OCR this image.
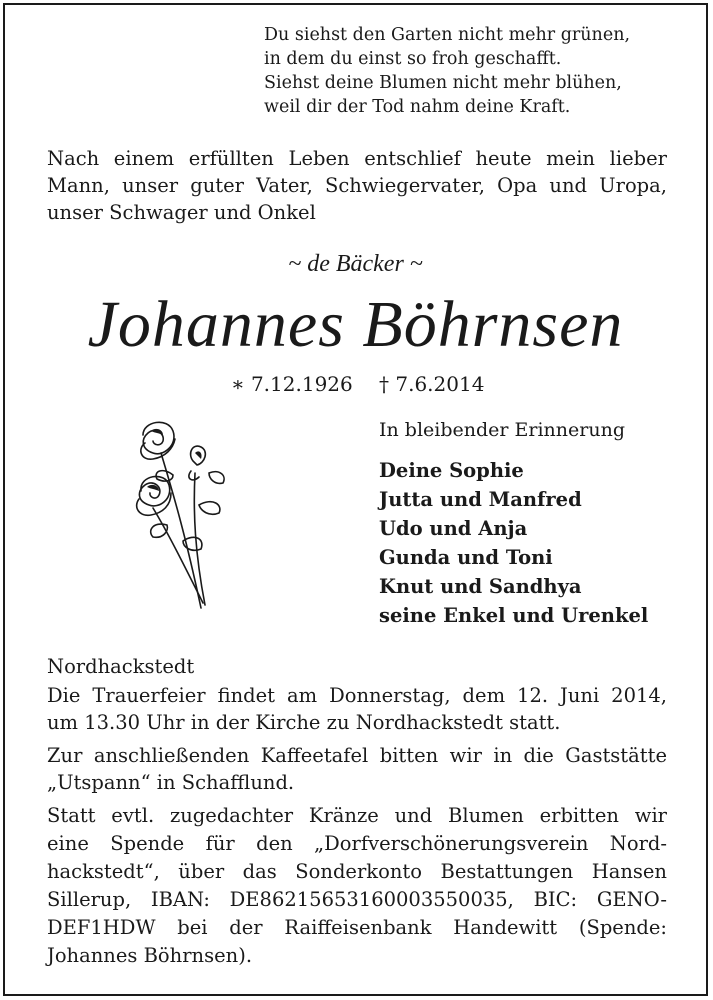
Du siehst den Garten nicht mehr grünen,
in dem du einst so froh geschafft.
Siehst deine Blumen nicht mehr blühen,
weil dir der Tod nahm deine Kraft.
Nach einem erfüllten Leben entschlief heute mein lieber
Mann, unser guter Vater, Schwiegervater, Opa und Uropa,
unser Schwager und Onkel
~ de Bäcker ~
Johannes Böhrnsen
∗ 7.12.1926 † 7.6.2014
In bleibender Erinnerung
Deine Sophie
Jutta und Manfred
Udo und Anja
Gunda und Toni
Knut und Sandhya
seine Enkel und Urenkel
Nordhackstedt
Die Trauerfeier findet am Donnerstag, dem 12. Juni 2014,
um 13.30 Uhr in der Kirche zu Nordhackstedt statt.
Zur anschließenden Kaffeetafel bitten wir in die Gaststätte
„Utspann“ in Schafflund.
Statt evtl. zugedachter Kränze und Blumen erbitten wir
eine Spende für den „Dorfverschönerungsverein Nord-
hackstedt“, über das Sonderkonto Bestattungen Hansen
Sillerup, IBAN: DE86215653160003550035, BIC: GENO-
DEF1HDW bei der Raiffeisenbank Handewitt (Spende:
Johannes Böhrnsen).
